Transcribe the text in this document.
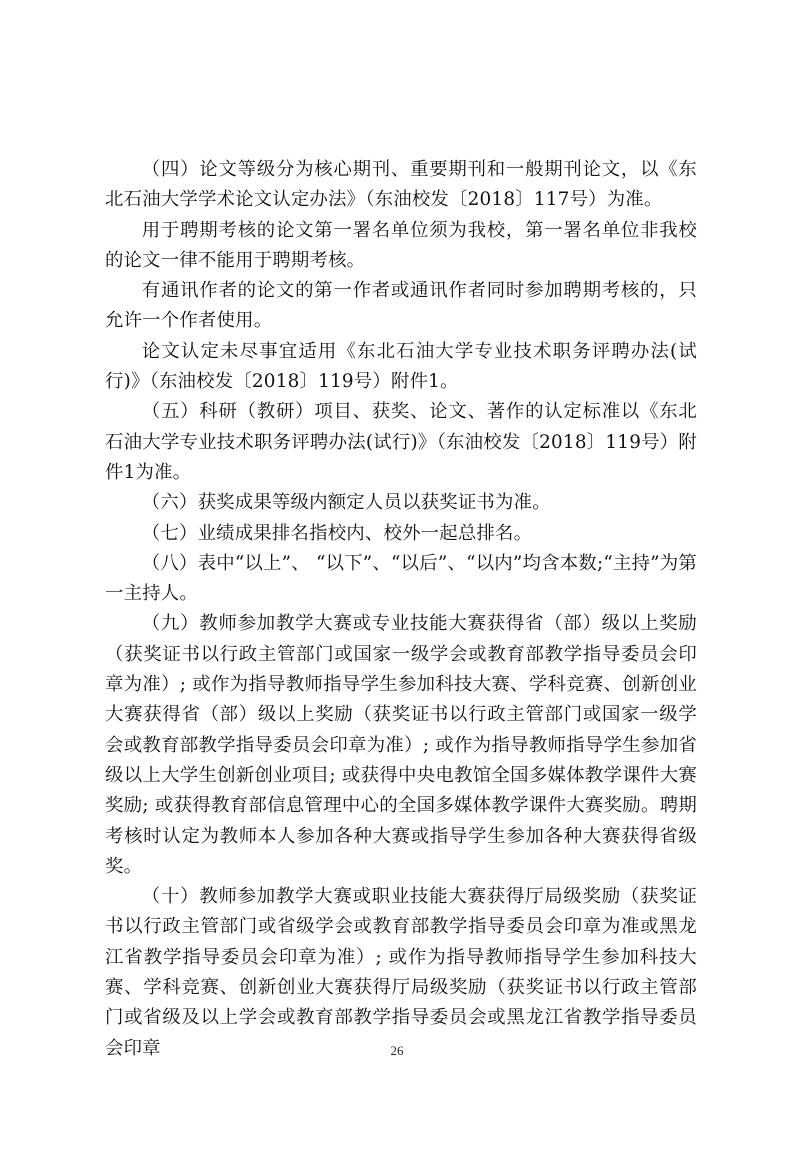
（四）论文等级分为核心期刊、重要期刊和一般期刊论文，以《东北石油大学学术论文认定办法》（东油校发〔2018〕117号）为准。

用于聘期考核的论文第一署名单位须为我校，第一署名单位非我校的论文一律不能用于聘期考核。

有通讯作者的论文的第一作者或通讯作者同时参加聘期考核的，只允许一个作者使用。

论文认定未尽事宜适用《东北石油大学专业技术职务评聘办法(试行)》（东油校发〔2018〕119号）附件1。

（五）科研（教研）项目、获奖、论文、著作的认定标准以《东北石油大学专业技术职务评聘办法(试行)》（东油校发〔2018〕119号）附件1为准。

（六）获奖成果等级内额定人员以获奖证书为准。

（七）业绩成果排名指校内、校外一起总排名。

（八）表中“以上”、 “以下”、“以后”、“以内”均含本数;“主持”为第一主持人。

（九）教师参加教学大赛或专业技能大赛获得省（部）级以上奖励（获奖证书以行政主管部门或国家一级学会或教育部教学指导委员会印章为准）; 或作为指导教师指导学生参加科技大赛、学科竞赛、创新创业大赛获得省（部）级以上奖励（获奖证书以行政主管部门或国家一级学会或教育部教学指导委员会印章为准）; 或作为指导教师指导学生参加省级以上大学生创新创业项目; 或获得中央电教馆全国多媒体教学课件大赛奖励; 或获得教育部信息管理中心的全国多媒体教学课件大赛奖励。聘期考核时认定为教师本人参加各种大赛或指导学生参加各种大赛获得省级奖。

（十）教师参加教学大赛或职业技能大赛获得厅局级奖励（获奖证书以行政主管部门或省级学会或教育部教学指导委员会印章为准或黑龙江省教学指导委员会印章为准）; 或作为指导教师指导学生参加科技大赛、学科竞赛、创新创业大赛获得厅局级奖励（获奖证书以行政主管部门或省级及以上学会或教育部教学指导委员会或黑龙江省教学指导委员会印章	26
